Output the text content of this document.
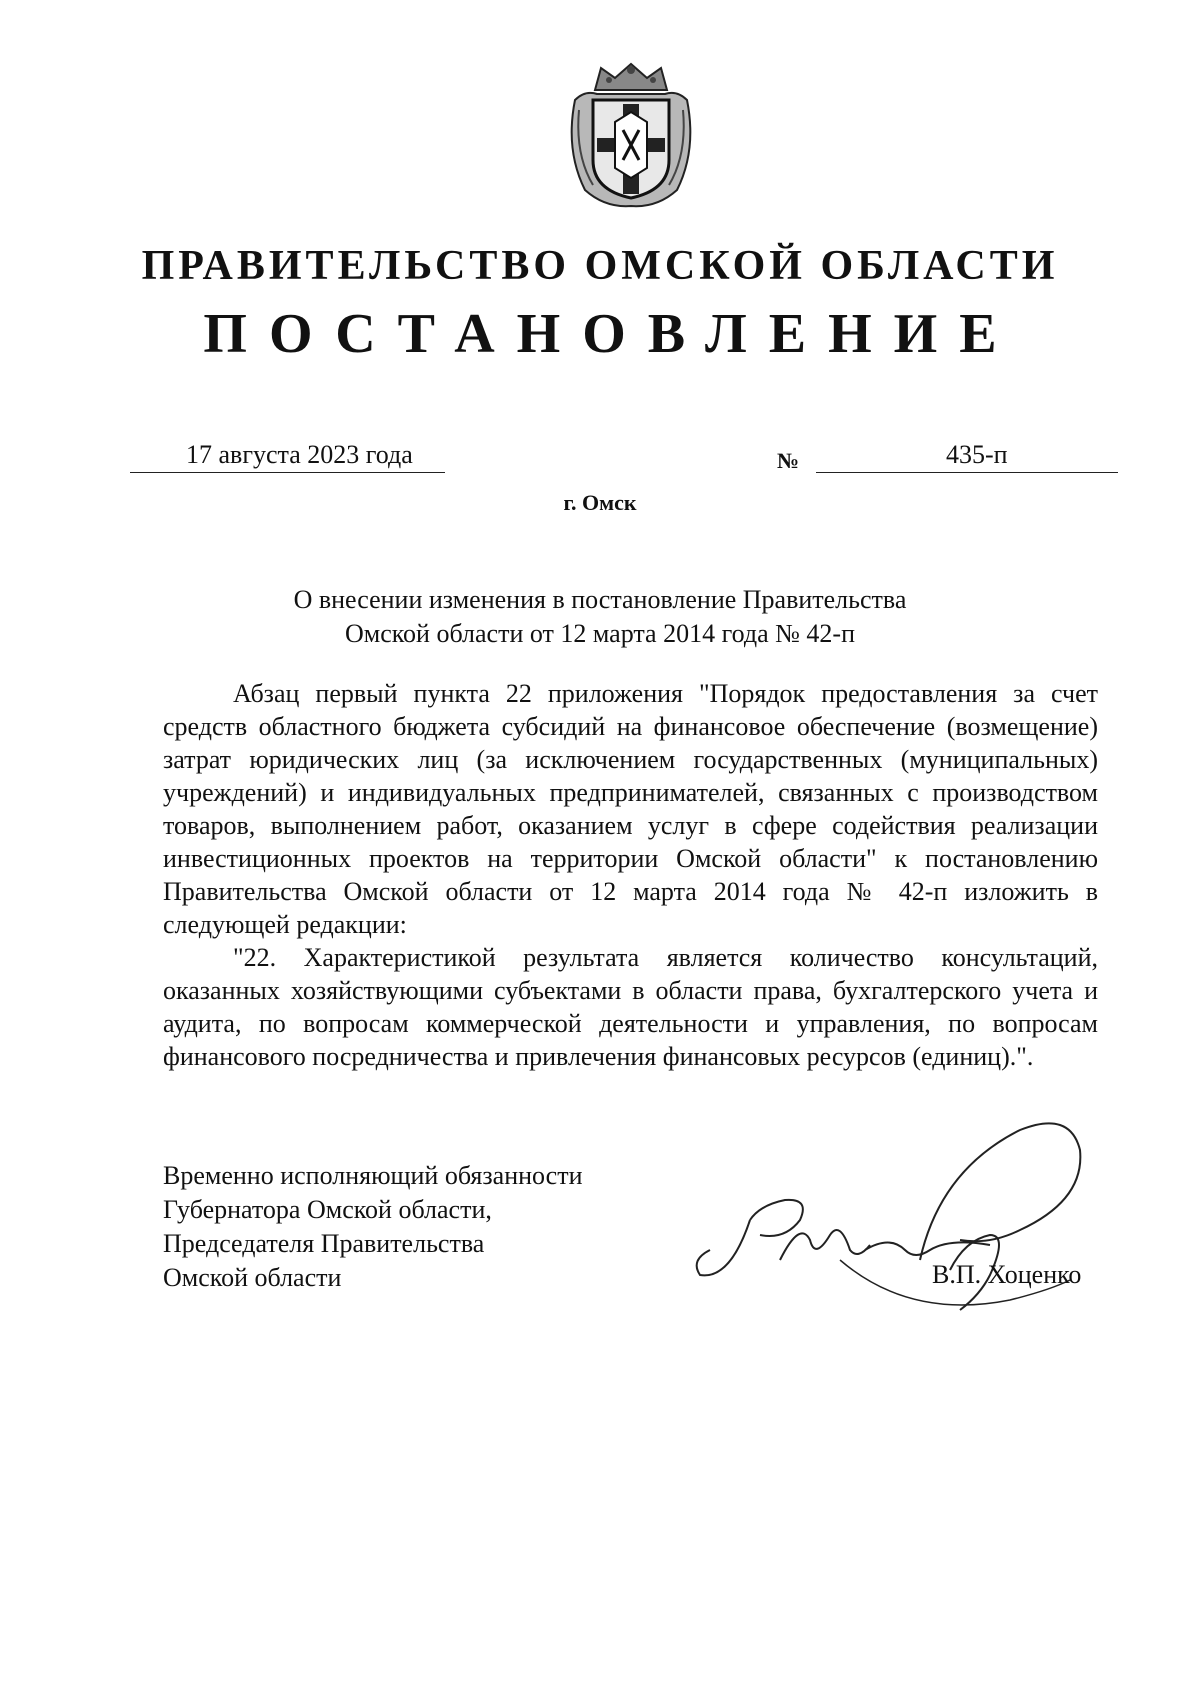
ПРАВИТЕЛЬСТВО ОМСКОЙ ОБЛАСТИ
ПОСТАНОВЛЕНИЕ
17 августа 2023 года	№	435-п
г. Омск
О внесении изменения в постановление Правительства
Омской области от 12 марта 2014 года № 42-п

Абзац первый пункта 22 приложения "Порядок предоставления за счет средств областного бюджета субсидий на финансовое обеспечение (возмещение) затрат юридических лиц (за исключением государственных (муниципальных) учреждений) и индивидуальных предпринимателей, связанных с производством товаров, выполнением работ, оказанием услуг в сфере содействия реализации инвестиционных проектов на территории Омской области" к постановлению Правительства Омской области от 12 марта 2014 года № 42-п изложить в следующей редакции:

"22. Характеристикой результата является количество консультаций, оказанных хозяйствующими субъектами в области права, бухгалтерского учета и аудита, по вопросам коммерческой деятельности и управления, по вопросам финансового посредничества и привлечения финансовых ресурсов (единиц).".

Временно исполняющий обязанности
Губернатора Омской области,
Председателя Правительства
Омской области	В.П. Хоценко
